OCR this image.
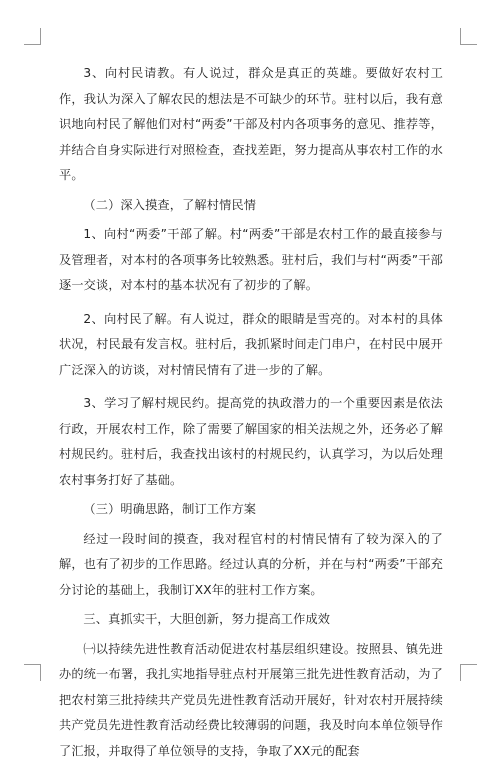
3、向村民请教。有人说过，群众是真正的英雄。要做好农村工作，我认为深入了解农民的想法是不可缺少的环节。驻村以后，我有意识地向村民了解他们对村“两委”干部及村内各项事务的意见、推荐等，并结合自身实际进行对照检查，查找差距，努力提高从事农村工作的水平。

（二）深入摸查，了解村情民情

1、向村“两委”干部了解。村“两委”干部是农村工作的最直接参与及管理者，对本村的各项事务比较熟悉。驻村后，我们与村“两委”干部逐一交谈，对本村的基本状况有了初步的了解。

2、向村民了解。有人说过，群众的眼睛是雪亮的。对本村的具体状况，村民最有发言权。驻村后，我抓紧时间走门串户，在村民中展开广泛深入的访谈，对村情民情有了进一步的了解。

3、学习了解村规民约。提高党的执政潜力的一个重要因素是依法行政，开展农村工作，除了需要了解国家的相关法规之外，还务必了解村规民约。驻村后，我查找出该村的村规民约，认真学习，为以后处理农村事务打好了基础。

（三）明确思路，制订工作方案

经过一段时间的摸查，我对程官村的村情民情有了较为深入的了解，也有了初步的工作思路。经过认真的分析，并在与村“两委”干部充分讨论的基础上，我制订XX年的驻村工作方案。

三、真抓实干，大胆创新，努力提高工作成效

㈠以持续先进性教育活动促进农村基层组织建设。按照县、镇先进办的统一布署，我扎实地指导驻点村开展第三批先进性教育活动，为了把农村第三批持续共产党员先进性教育活动开展好，针对农村开展持续共产党员先进性教育活动经费比较薄弱的问题，我及时向本单位领导作了汇报，并取得了单位领导的支持，争取了XX元的配套
